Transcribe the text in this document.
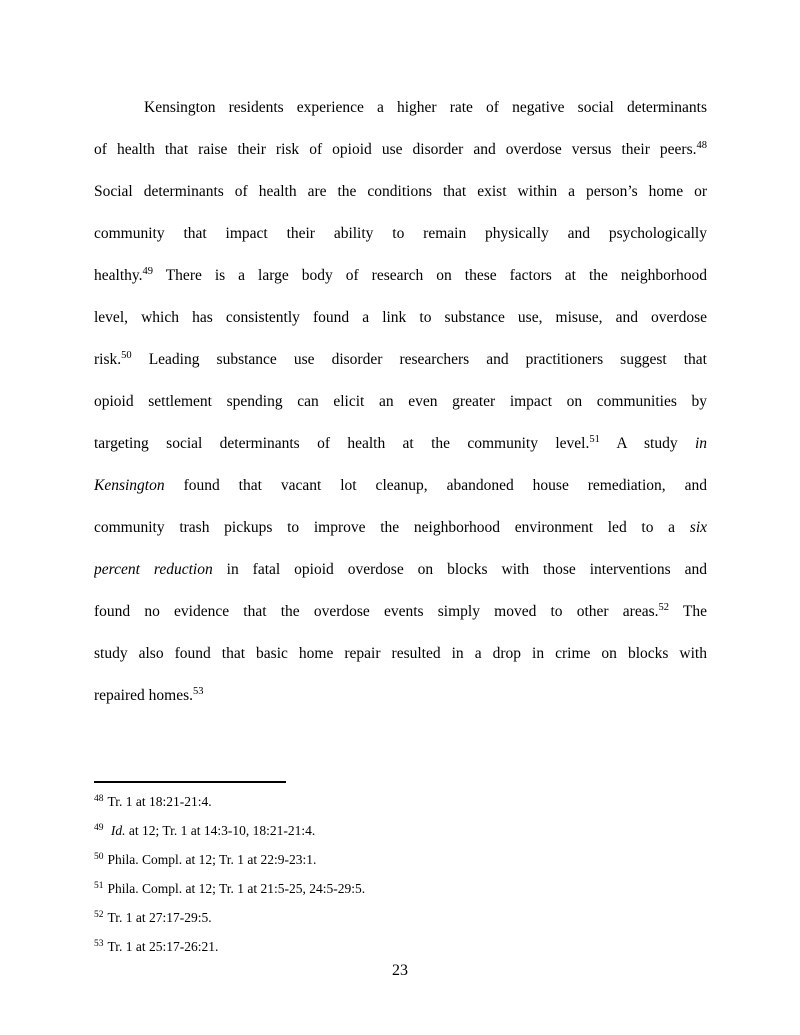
Kensington residents experience a higher rate of negative social determinants
of health that raise their risk of opioid use disorder and overdose versus their peers.$^{48}$
Social determinants of health are the conditions that exist within a person’s home or
community that impact their ability to remain physically and psychologically
healthy.$^{49}$ There is a large body of research on these factors at the neighborhood
level, which has consistently found a link to substance use, misuse, and overdose
risk.$^{50}$ Leading substance use disorder researchers and practitioners suggest that
opioid settlement spending can elicit an even greater impact on communities by
targeting social determinants of health at the community level.$^{51}$ A study in
Kensington found that vacant lot cleanup, abandoned house remediation, and
community trash pickups to improve the neighborhood environment led to a six
percent reduction in fatal opioid overdose on blocks with those interventions and
found no evidence that the overdose events simply moved to other areas.$^{52}$ The
study also found that basic home repair resulted in a drop in crime on blocks with
repaired homes.$^{53}$
$^{48}$ Tr. 1 at 18:21-21:4.
$^{49}$ Id. at 12; Tr. 1 at 14:3-10, 18:21-21:4.
$^{50}$ Phila. Compl. at 12; Tr. 1 at 22:9-23:1.
$^{51}$ Phila. Compl. at 12; Tr. 1 at 21:5-25, 24:5-29:5.
$^{52}$ Tr. 1 at 27:17-29:5.
$^{53}$ Tr. 1 at 25:17-26:21.
23
